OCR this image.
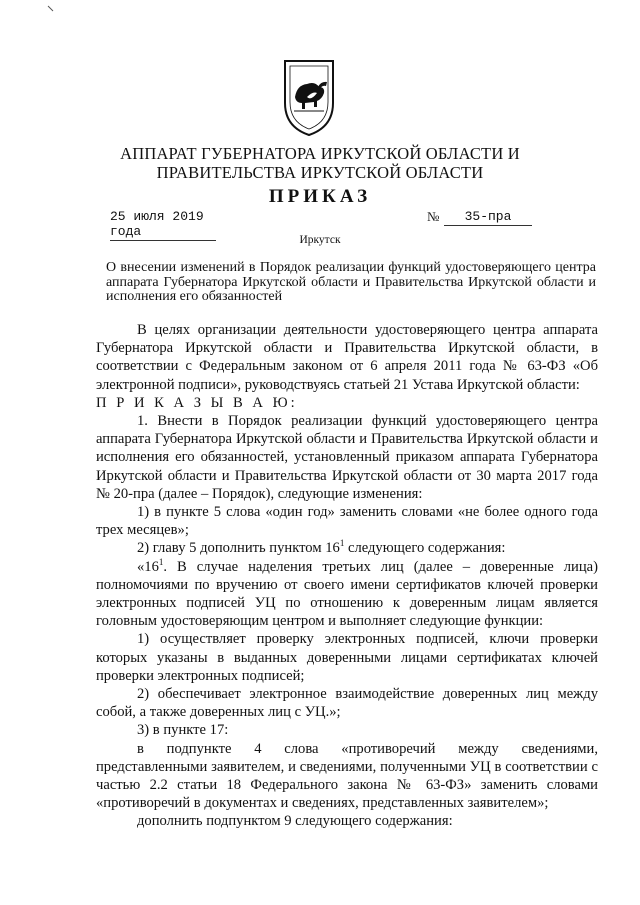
АППАРАТ ГУБЕРНАТОРА ИРКУТСКОЙ ОБЛАСТИ И
ПРАВИТЕЛЬСТВА ИРКУТСКОЙ ОБЛАСТИ
ПРИКАЗ
25 июля 2019 года
№	35-пра
Иркутск
О внесении изменений в Порядок реализации функций удостоверяющего центра аппарата Губернатора Иркутской области и Правительства Иркутской области и исполнения его обязанностей

В целях организации деятельности удостоверяющего центра аппарата Губернатора Иркутской области и Правительства Иркутской области, в соответствии с Федеральным законом от 6 апреля 2011 года № 63-ФЗ «Об электронной подписи», руководствуясь статьей 21 Устава Иркутской области:

П Р И К А З Ы В А Ю:

1. Внести в Порядок реализации функций удостоверяющего центра аппарата Губернатора Иркутской области и Правительства Иркутской области и исполнения его обязанностей, установленный приказом аппарата Губернатора Иркутской области и Правительства Иркутской области от 30 марта 2017 года № 20-пра (далее – Порядок), следующие изменения:

1) в пункте 5 слова «один год» заменить словами «не более одного года трех месяцев»;

2) главу 5 дополнить пунктом $16^1$ следующего содержания:

«$16^1$. В случае наделения третьих лиц (далее – доверенные лица) полномочиями по вручению от своего имени сертификатов ключей проверки электронных подписей УЦ по отношению к доверенным лицам является головным удостоверяющим центром и выполняет следующие функции:

1) осуществляет проверку электронных подписей, ключи проверки которых указаны в выданных доверенными лицами сертификатах ключей проверки электронных подписей;

2) обеспечивает электронное взаимодействие доверенных лиц между собой, а также доверенных лиц с УЦ.»;

3) в пункте 17:

в подпункте 4 слова «противоречий между сведениями, представленными заявителем, и сведениями, полученными УЦ в соответствии с частью 2.2 статьи 18 Федерального закона № 63-ФЗ» заменить словами «противоречий в документах и сведениях, представленных заявителем»;

дополнить подпунктом 9 следующего содержания:
